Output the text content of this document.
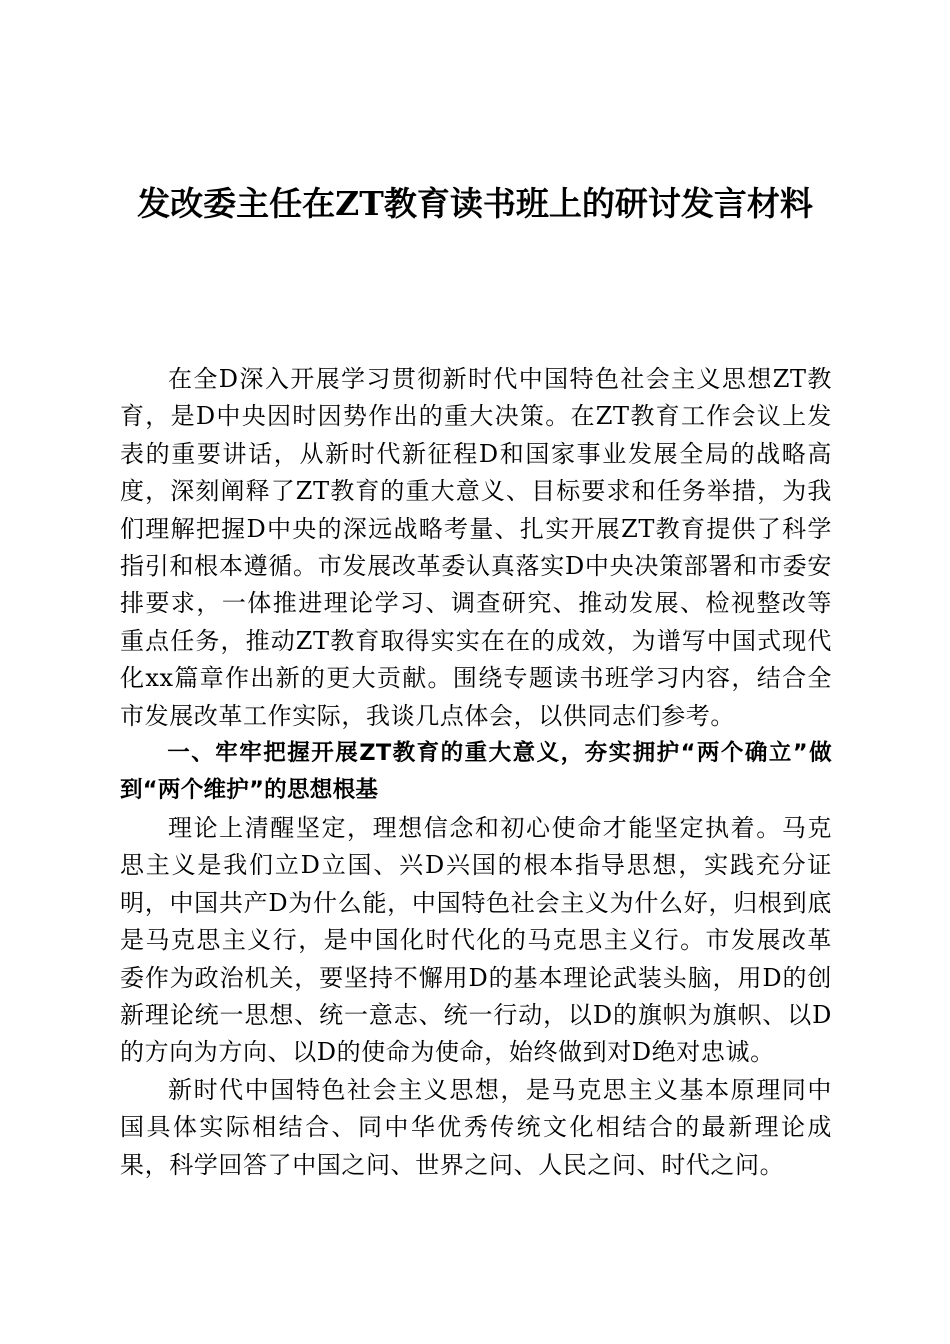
发改委主任在ZT教育读书班上的研讨发言材料

在全D深入开展学习贯彻新时代中国特色社会主义思想ZT教育，是D中央因时因势作出的重大决策。在ZT教育工作会议上发表的重要讲话，从新时代新征程D和国家事业发展全局的战略高度，深刻阐释了ZT教育的重大意义、目标要求和任务举措，为我们理解把握D中央的深远战略考量、扎实开展ZT教育提供了科学指引和根本遵循。市发展改革委认真落实D中央决策部署和市委安排要求，一体推进理论学习、调查研究、推动发展、检视整改等重点任务，推动ZT教育取得实实在在的成效，为谱写中国式现代化xx篇章作出新的更大贡献。围绕专题读书班学习内容，结合全市发展改革工作实际，我谈几点体会，以供同志们参考。

一、牢牢把握开展ZT教育的重大意义，夯实拥护“两个确立”做到“两个维护”的思想根基

理论上清醒坚定，理想信念和初心使命才能坚定执着。马克思主义是我们立D立国、兴D兴国的根本指导思想，实践充分证明，中国共产D为什么能，中国特色社会主义为什么好，归根到底是马克思主义行，是中国化时代化的马克思主义行。市发展改革委作为政治机关，要坚持不懈用D的基本理论武装头脑，用D的创新理论统一思想、统一意志、统一行动，以D的旗帜为旗帜、以D的方向为方向、以D的使命为使命，始终做到对D绝对忠诚。

新时代中国特色社会主义思想，是马克思主义基本原理同中国具体实际相结合、同中华优秀传统文化相结合的最新理论成果，科学回答了中国之问、世界之问、人民之问、时代之问。
